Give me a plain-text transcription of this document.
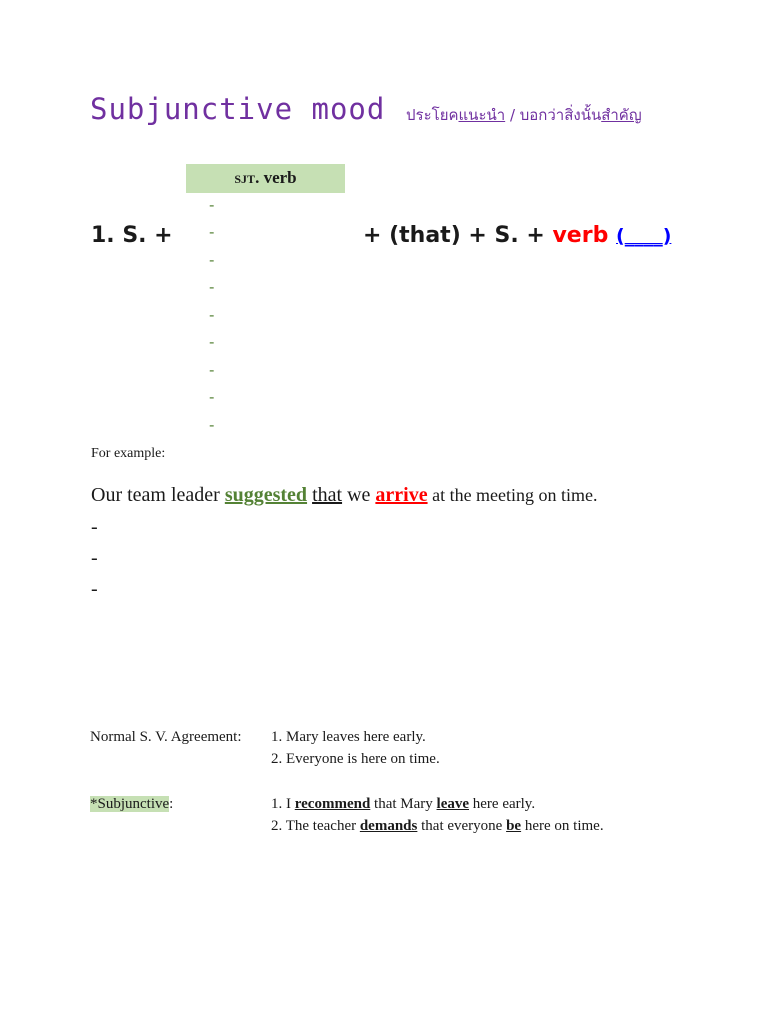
Subjunctive mood ประโยคแนะนำ / บอกว่าสิ่งนั้นสำคัญ
SJT. verb
-
-
-
-
-
-
-
-
-
1. S. +	+ (that) + S. + verb (____)
For example:
Our team leader suggested that we arrive at the meeting on time.
-
-
-
Normal S. V. Agreement: 1. Mary leaves here early.
2. Everyone is here on time.
*Subjunctive:	1. I recommend that Mary leave here early.
2. The teacher demands that everyone be here on time.
